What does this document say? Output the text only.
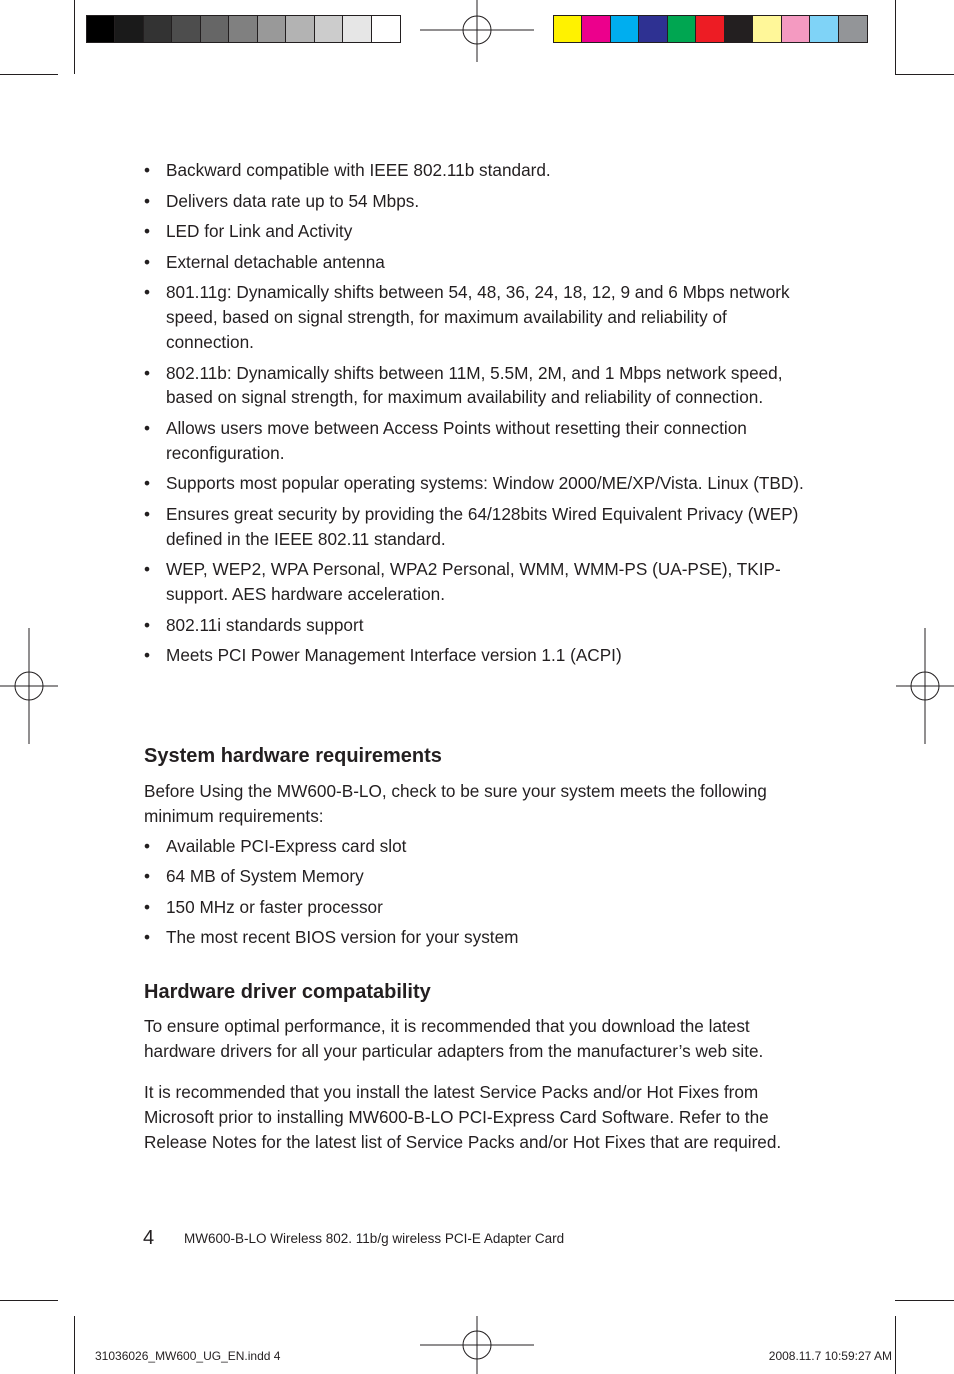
• Backward compatible with IEEE 802.11b standard.
• Delivers data rate up to 54 Mbps.
• LED for Link and Activity
• External detachable antenna
• 801.11g: Dynamically shifts between 54, 48, 36, 24, 18, 12, 9 and 6 Mbps network speed, based on signal strength, for maximum availability and reliability of connection.
• 802.11b: Dynamically shifts between 11M, 5.5M, 2M, and 1 Mbps network speed, based on signal strength, for maximum availability and reliability of connection.
• Allows users move between Access Points without resetting their connection reconfiguration.
• Supports most popular operating systems: Window 2000/ME/XP/Vista. Linux (TBD).
• Ensures great security by providing the 64/128bits Wired Equivalent Privacy (WEP) defined in the IEEE 802.11 standard.
• WEP, WEP2, WPA Personal, WPA2 Personal, WMM, WMM-PS (UA-PSE), TKIP-support. AES hardware acceleration.
• 802.11i standards support
• Meets PCI Power Management Interface version 1.1 (ACPI)
System hardware requirements

Before Using the MW600-B-LO, check to be sure your system meets the following minimum requirements:

• Available PCI-Express card slot
• 64 MB of System Memory
• 150 MHz or faster processor
• The most recent BIOS version for your system
Hardware driver compatability

To ensure optimal performance, it is recommended that you download the latest hardware drivers for all your particular adapters from the manufacturer’s web site.

It is recommended that you install the latest Service Packs and/or Hot Fixes from Microsoft prior to installing MW600-B-LO PCI-Express Card Software. Refer to the Release Notes for the latest list of Service Packs and/or Hot Fixes that are required.

4 MW600-B-LO Wireless 802. 11b/g wireless PCI-E Adapter Card
31036026_MW600_UG_EN.indd 4	2008.11.7 10:59:27 AM
